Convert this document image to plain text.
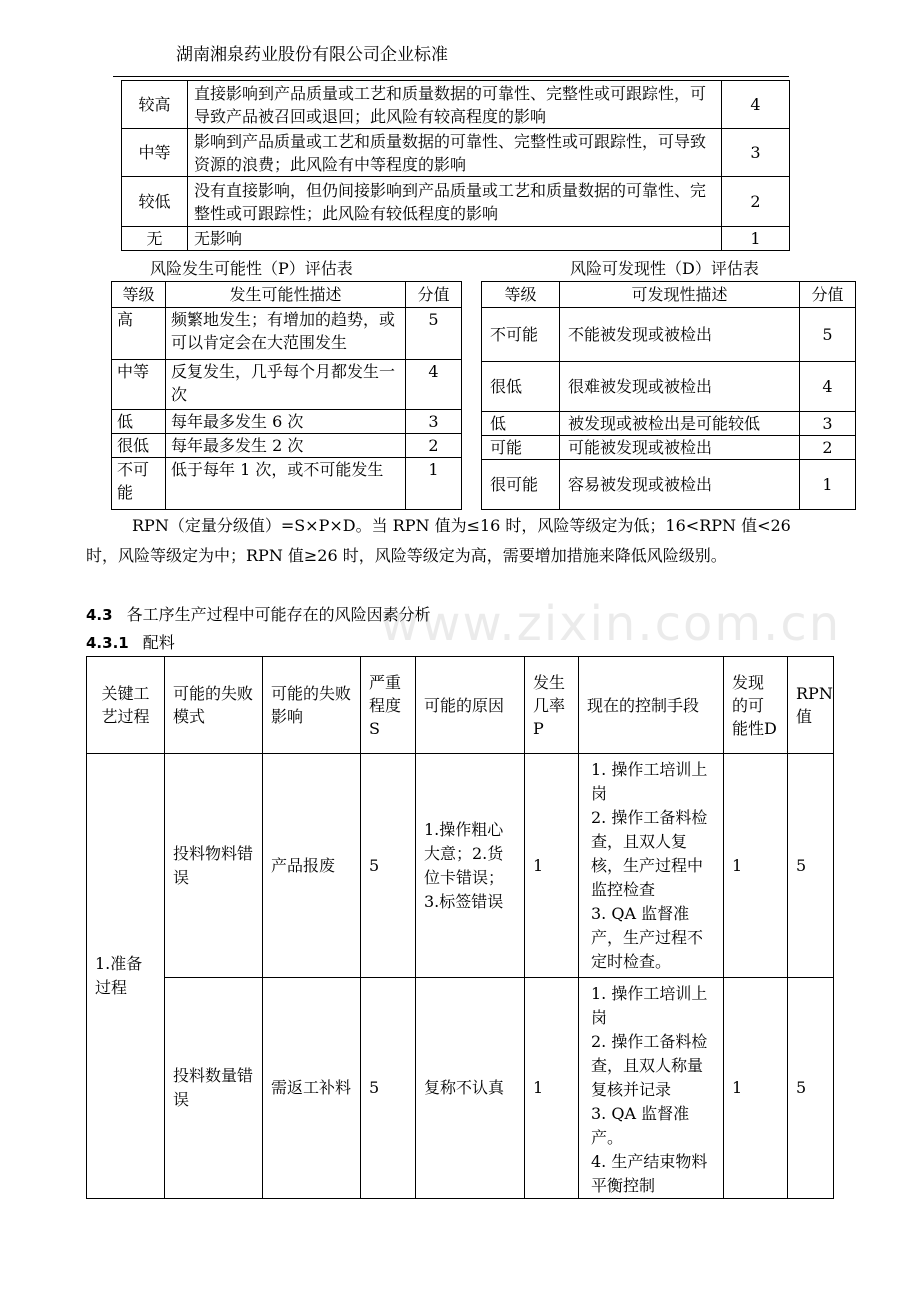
湖南湘泉药业股份有限公司企业标准
较高	直接影响到产品质量或工艺和质量数据的可靠性、完整性或可跟踪性，可导致产品被召回或退回；此风险有较高程度的影响	4
中等	影响到产品质量或工艺和质量数据的可靠性、完整性或可跟踪性，可导致资源的浪费；此风险有中等程度的影响	3
较低	没有直接影响，但仍间接影响到产品质量或工艺和质量数据的可靠性、完整性或可跟踪性；此风险有较低程度的影响	2
无	无影响	1
风险发生可能性（P）评估表	风险可发现性（D）评估表
等级	发生可能性描述	分值
高	频繁地发生；有增加的趋势，或可以肯定会在大范围发生	5
中等	反复发生，几乎每个月都发生一次	4
低	每年最多发生 6 次	3
很低	每年最多发生 2 次	2
不可能	低于每年 1 次，或不可能发生	1
等级	可发现性描述	分值
不可能	不能被发现或被检出	5
很低	很难被发现或被检出	4
低	被发现或被检出是可能较低	3
可能	可能被发现或被检出	2
很可能	容易被发现或被检出	1
RPN（定量分级值）=S×P×D。当 RPN 值为≤16 时，风险等级定为低；16<RPN 值<26 时，风险等级定为中；RPN 值≥26 时，风险等级定为高，需要增加措施来降低风险级别。
4.3 各工序生产过程中可能存在的风险因素分析
4.3.1 配料	www.zixin.com.cn
关键工艺过程	可能的失败模式	可能的失败影响	严重程度S	可能的原因	发生几率P	现在的控制手段	发现的可能性D	RPN值
1.准备过程	投料物料错误	产品报废	5	1.操作粗心大意；2.货位卡错误；3.标签错误	1	1. 操作工培训上岗
2. 操作工备料检查，且双人复核，生产过程中监控检查
3. QA 监督准产，生产过程不定时检查。	1	5
	投料数量错误	需返工补料	5	复称不认真	1	1. 操作工培训上岗
2. 操作工备料检查，且双人称量复核并记录
3. QA 监督准产。
4. 生产结束物料平衡控制	1	5
